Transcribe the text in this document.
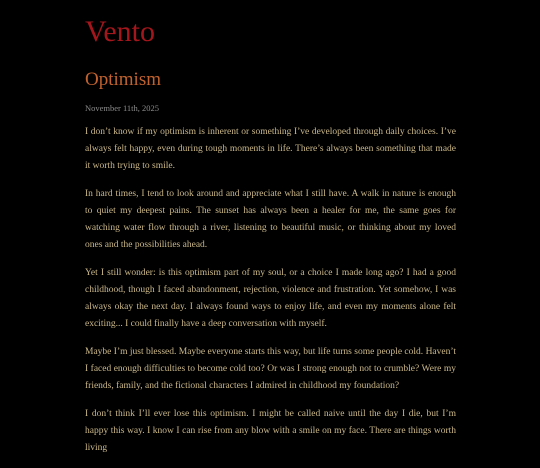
Vento
Optimism
November 11th, 2025

I don’t know if my optimism is inherent or something I’ve developed through daily choices. I’ve always felt happy, even during tough moments in life. There’s always been something that made it worth trying to smile.

In hard times, I tend to look around and appreciate what I still have. A walk in nature is enough to quiet my deepest pains. The sunset has always been a healer for me, the same goes for watching water flow through a river, listening to beautiful music, or thinking about my loved ones and the possibilities ahead.

Yet I still wonder: is this optimism part of my soul, or a choice I made long ago? I had a good childhood, though I faced abandonment, rejection, violence and frustration. Yet somehow, I was always okay the next day. I always found ways to enjoy life, and even my moments alone felt exciting... I could finally have a deep conversation with myself.

Maybe I’m just blessed. Maybe everyone starts this way, but life turns some people cold. Haven’t I faced enough difficulties to become cold too? Or was I strong enough not to crumble? Were my friends, family, and the fictional characters I admired in childhood my foundation?

I don’t think I’ll ever lose this optimism. I might be called naive until the day I die, but I’m happy this way. I know I can rise from any blow with a smile on my face. There are things worth living
